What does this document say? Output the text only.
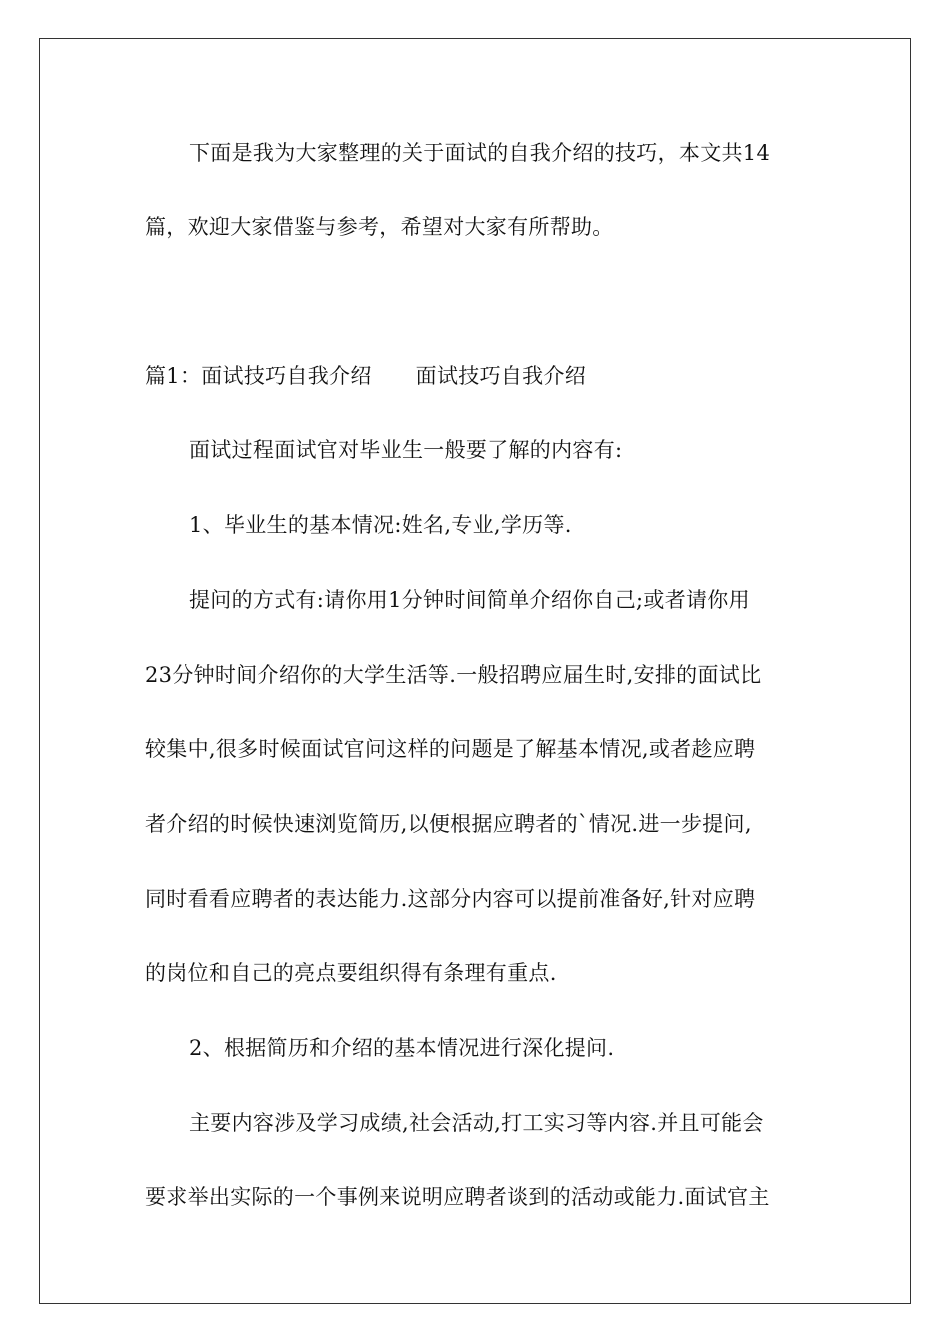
下面是我为大家整理的关于面试的自我介绍的技巧，本文共14
篇，欢迎大家借鉴与参考，希望对大家有所帮助。
篇1：面试技巧自我介绍 面试技巧自我介绍
面试过程面试官对毕业生一般要了解的内容有:
1、毕业生的基本情况:姓名,专业,学历等.
提问的方式有:请你用1分钟时间简单介绍你自己;或者请你用
23分钟时间介绍你的大学生活等.一般招聘应届生时,安排的面试比
较集中,很多时候面试官问这样的问题是了解基本情况,或者趁应聘
者介绍的时候快速浏览简历,以便根据应聘者的`情况.进一步提问,
同时看看应聘者的表达能力.这部分内容可以提前准备好,针对应聘
的岗位和自己的亮点要组织得有条理有重点.
2、根据简历和介绍的基本情况进行深化提问.
主要内容涉及学习成绩,社会活动,打工实习等内容.并且可能会
要求举出实际的一个事例来说明应聘者谈到的活动或能力.面试官主
